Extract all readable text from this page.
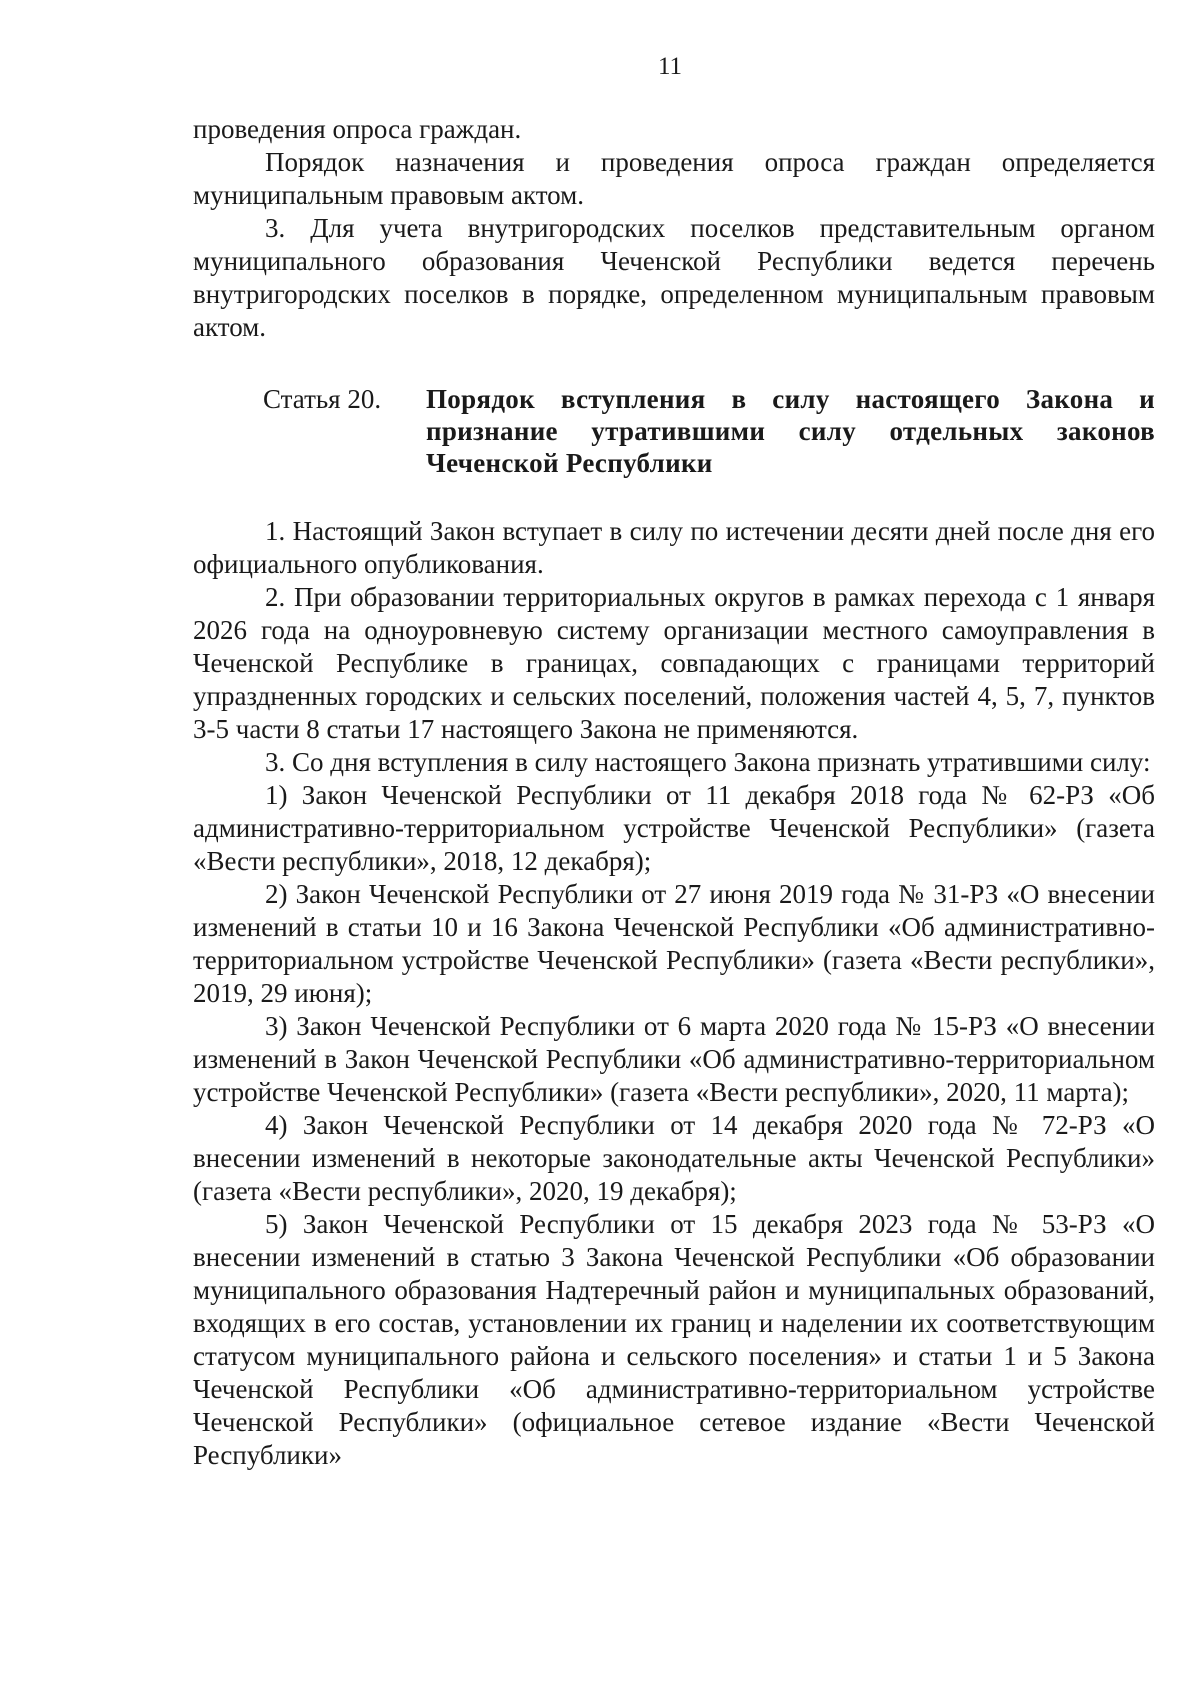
11

проведения опроса граждан.

Порядок назначения и проведения опроса граждан определяется муниципальным правовым актом.

3. Для учета внутригородских поселков представительным органом муниципального образования Чеченской Республики ведется перечень внутригородских поселков в порядке, определенном муниципальным правовым актом.

Статья 20.	Порядок вступления в силу настоящего Закона и признание утратившими силу отдельных законов Чеченской Республики

1. Настоящий Закон вступает в силу по истечении десяти дней после дня его официального опубликования.

2. При образовании территориальных округов в рамках перехода с 1 января 2026 года на одноуровневую систему организации местного самоуправления в Чеченской Республике в границах, совпадающих с границами территорий упраздненных городских и сельских поселений, положения частей 4, 5, 7, пунктов 3-5 части 8 статьи 17 настоящего Закона не применяются.

3. Со дня вступления в силу настоящего Закона признать утратившими силу:

1) Закон Чеченской Республики от 11 декабря 2018 года № 62-РЗ «Об административно-территориальном устройстве Чеченской Республики» (газета «Вести республики», 2018, 12 декабря);

2) Закон Чеченской Республики от 27 июня 2019 года № 31-РЗ «О внесении изменений в статьи 10 и 16 Закона Чеченской Республики «Об административно-территориальном устройстве Чеченской Республики» (газета «Вести республики», 2019, 29 июня);

3) Закон Чеченской Республики от 6 марта 2020 года № 15-РЗ «О внесении изменений в Закон Чеченской Республики «Об административно-территориальном устройстве Чеченской Республики» (газета «Вести республики», 2020, 11 марта);

4) Закон Чеченской Республики от 14 декабря 2020 года № 72-РЗ «О внесении изменений в некоторые законодательные акты Чеченской Республики» (газета «Вести республики», 2020, 19 декабря);

5) Закон Чеченской Республики от 15 декабря 2023 года № 53-РЗ «О внесении изменений в статью 3 Закона Чеченской Республики «Об образовании муниципального образования Надтеречный район и муниципальных образований, входящих в его состав, установлении их границ и наделении их соответствующим статусом муниципального района и сельского поселения» и статьи 1 и 5 Закона Чеченской Республики «Об административно-территориальном устройстве Чеченской Республики» (официальное сетевое издание «Вести Чеченской Республики»
